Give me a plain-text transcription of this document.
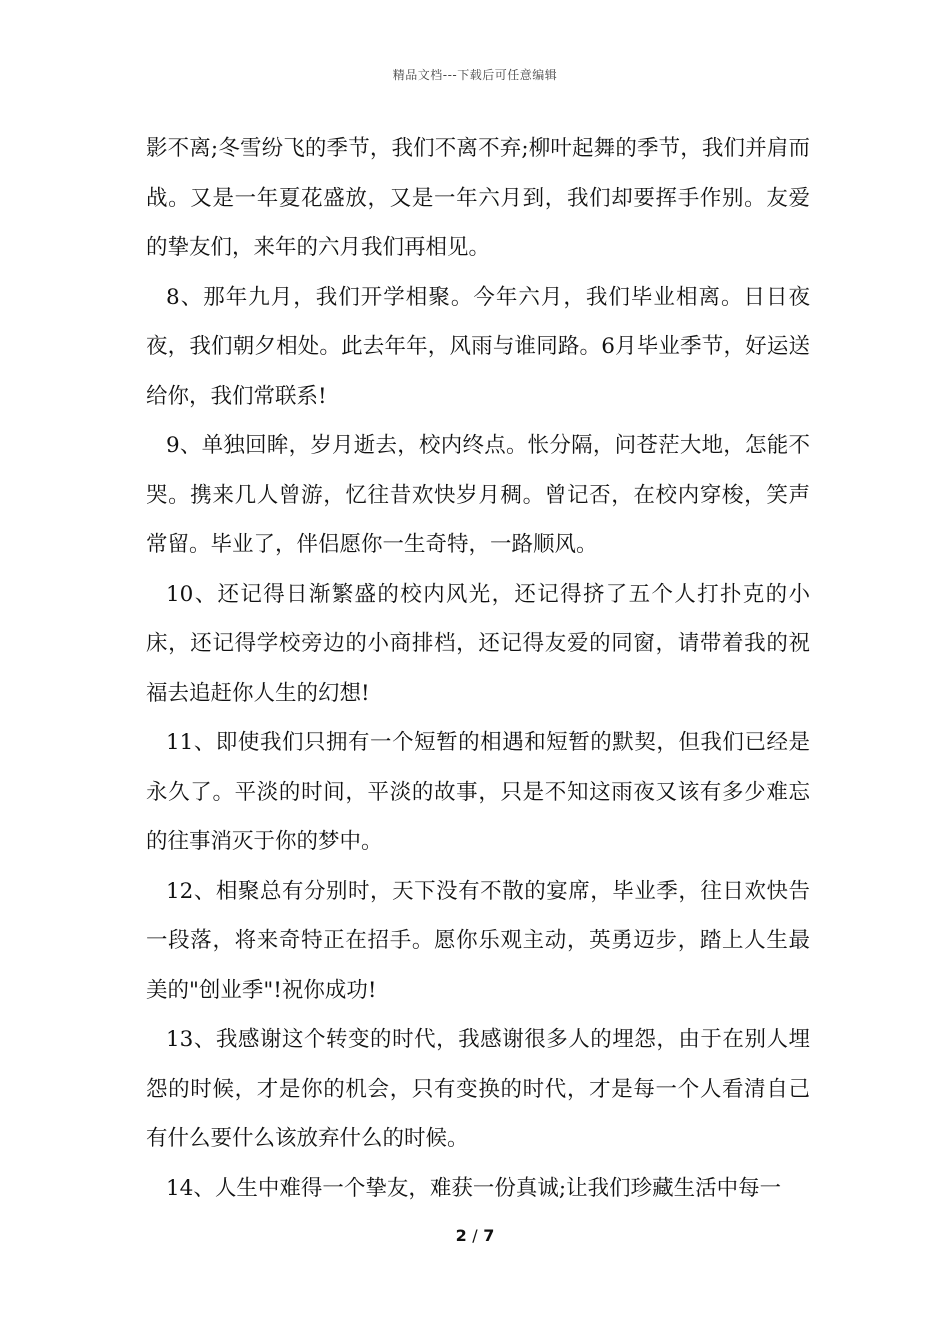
精品文档---下载后可任意编辑

影不离;冬雪纷飞的季节，我们不离不弃;柳叶起舞的季节，我们并肩而战。又是一年夏花盛放，又是一年六月到，我们却要挥手作别。友爱的挚友们，来年的六月我们再相见。

8、那年九月，我们开学相聚。今年六月，我们毕业相离。日日夜夜，我们朝夕相处。此去年年，风雨与谁同路。6月毕业季节，好运送给你，我们常联系!

9、单独回眸，岁月逝去，校内终点。怅分隔，问苍茫大地，怎能不哭。携来几人曾游，忆往昔欢快岁月稠。曾记否，在校内穿梭，笑声常留。毕业了，伴侣愿你一生奇特，一路顺风。

10、还记得日渐繁盛的校内风光，还记得挤了五个人打扑克的小床，还记得学校旁边的小商排档，还记得友爱的同窗，请带着我的祝福去追赶你人生的幻想!

11、即使我们只拥有一个短暂的相遇和短暂的默契，但我们已经是永久了。平淡的时间，平淡的故事，只是不知这雨夜又该有多少难忘的往事消灭于你的梦中。

12、相聚总有分别时，天下没有不散的宴席，毕业季，往日欢快告一段落，将来奇特正在招手。愿你乐观主动，英勇迈步，踏上人生最美的"创业季"!祝你成功!

13、我感谢这个转变的时代，我感谢很多人的埋怨，由于在别人埋怨的时候，才是你的机会，只有变换的时代，才是每一个人看清自己有什么要什么该放弃什么的时候。

14、人生中难得一个挚友，难获一份真诚;让我们珍藏生活中每一

2 / 7
